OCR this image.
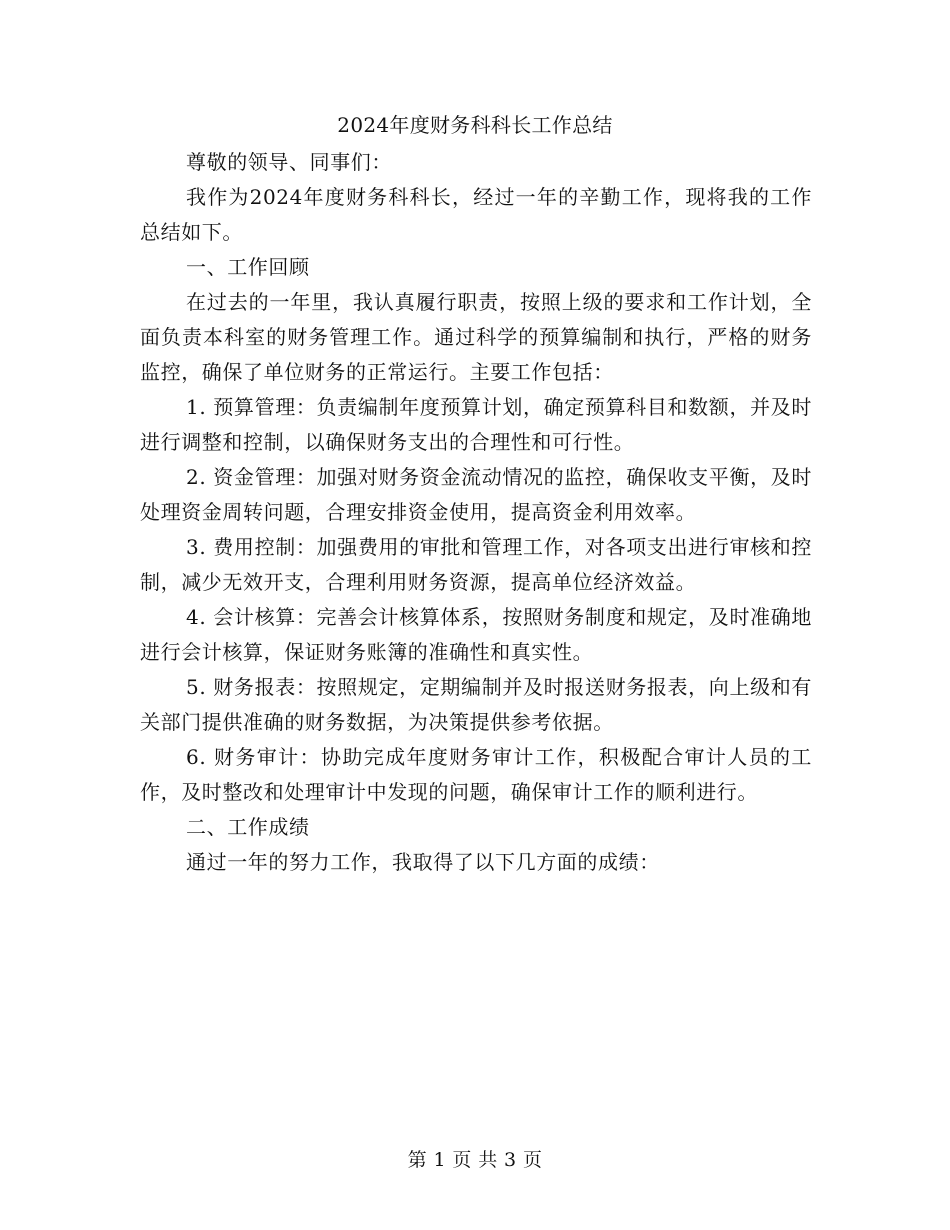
2024年度财务科科长工作总结

尊敬的领导、同事们：

我作为2024年度财务科科长，经过一年的辛勤工作，现将我的工作总结如下。

一、工作回顾

在过去的一年里，我认真履行职责，按照上级的要求和工作计划，全面负责本科室的财务管理工作。通过科学的预算编制和执行，严格的财务监控，确保了单位财务的正常运行。主要工作包括：

1. 预算管理：负责编制年度预算计划，确定预算科目和数额，并及时进行调整和控制，以确保财务支出的合理性和可行性。

2. 资金管理：加强对财务资金流动情况的监控，确保收支平衡，及时处理资金周转问题，合理安排资金使用，提高资金利用效率。

3. 费用控制：加强费用的审批和管理工作，对各项支出进行审核和控制，减少无效开支，合理利用财务资源，提高单位经济效益。

4. 会计核算：完善会计核算体系，按照财务制度和规定，及时准确地进行会计核算，保证财务账簿的准确性和真实性。

5. 财务报表：按照规定，定期编制并及时报送财务报表，向上级和有关部门提供准确的财务数据，为决策提供参考依据。

6. 财务审计：协助完成年度财务审计工作，积极配合审计人员的工作，及时整改和处理审计中发现的问题，确保审计工作的顺利进行。

二、工作成绩

通过一年的努力工作，我取得了以下几方面的成绩：

第 1 页 共 3 页
